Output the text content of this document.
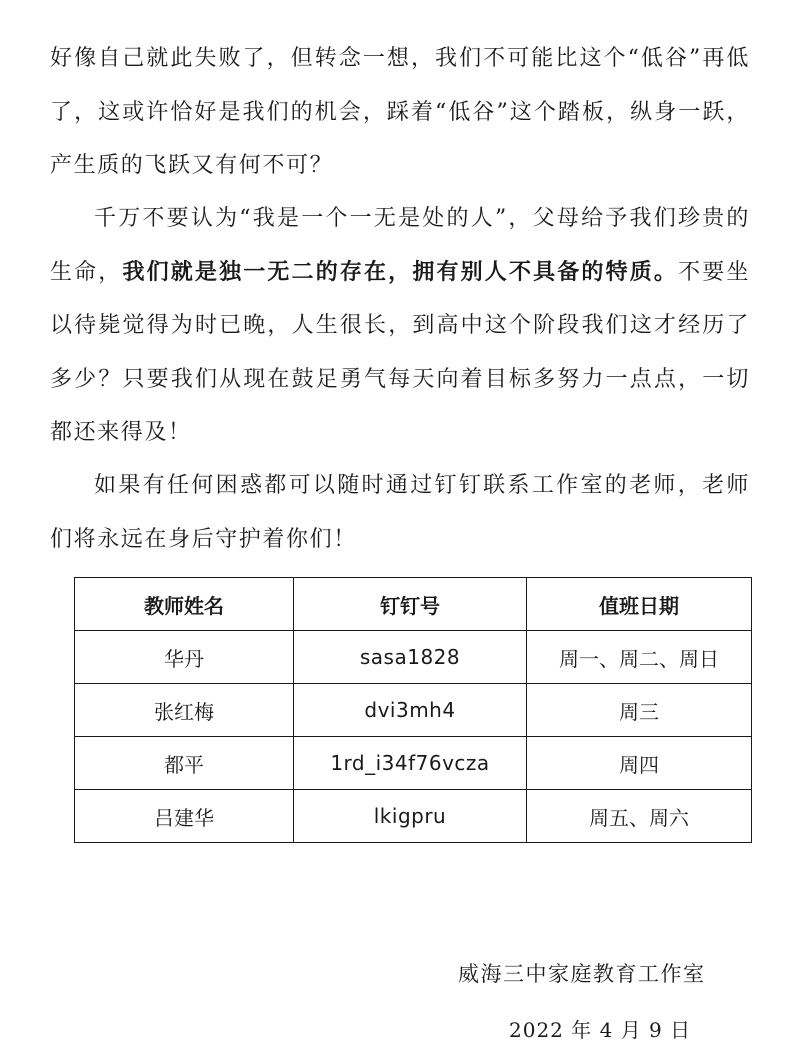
好像自己就此失败了，但转念一想，我们不可能比这个“低谷”再低了，这或许恰好是我们的机会，踩着“低谷”这个踏板，纵身一跃，产生质的飞跃又有何不可？

千万不要认为“我是一个一无是处的人”，父母给予我们珍贵的生命，我们就是独一无二的存在，拥有别人不具备的特质。不要坐以待毙觉得为时已晚，人生很长，到高中这个阶段我们这才经历了多少？只要我们从现在鼓足勇气每天向着目标多努力一点点，一切都还来得及！

如果有任何困惑都可以随时通过钉钉联系工作室的老师，老师们将永远在身后守护着你们！

教师姓名	钉钉号	值班日期
华丹	sasa1828	周一、周二、周日
张红梅	dvi3mh4	周三
都平	1rd_i34f76vcza	周四
吕建华	lkigpru	周五、周六

威海三中家庭教育工作室

2022 年 4 月 9 日
